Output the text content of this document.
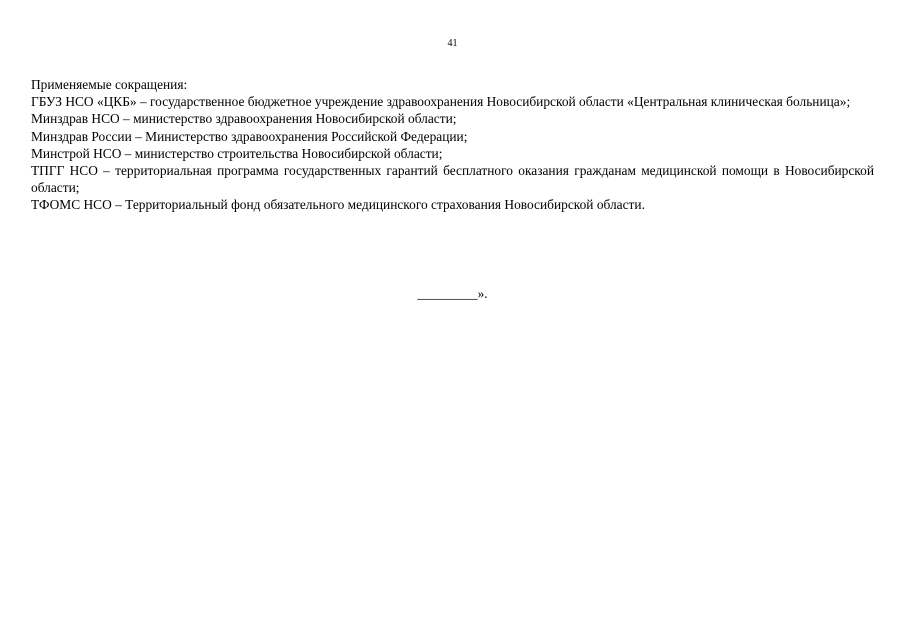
41

Применяемые сокращения:

ГБУЗ НСО «ЦКБ» – государственное бюджетное учреждение здравоохранения Новосибирской области «Центральная клиническая больница»;

Минздрав НСО – министерство здравоохранения Новосибирской области;

Минздрав России – Министерство здравоохранения Российской Федерации;

Минстрой НСО – министерство строительства Новосибирской области;

ТПГГ НСО – территориальная программа государственных гарантий бесплатного оказания гражданам медицинской помощи в Новосибирской области;

ТФОМС НСО – Территориальный фонд обязательного медицинского страхования Новосибирской области.

_________».
